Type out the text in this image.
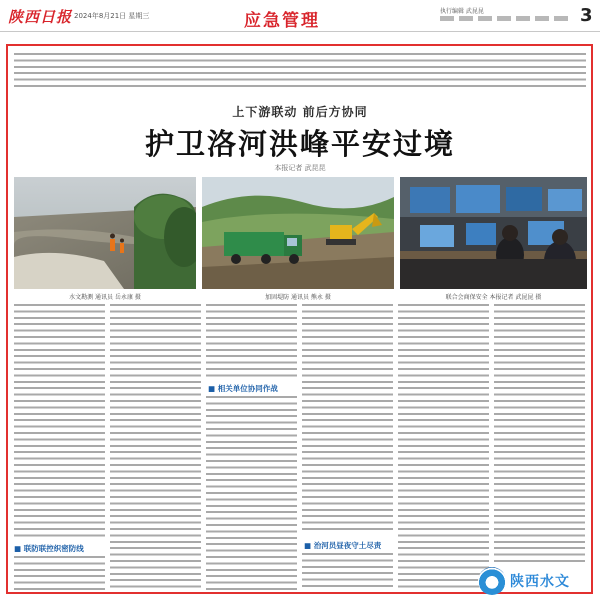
陕西日报 2024年8月21日 星期三	应急管理	执行编辑 武昆昆	3
上下游联动 前后方协同
护卫洛河洪峰平安过境
本报记者 武昆昆
水文勘测 通讯员 岳永康 摄	加固堤防 通讯员 熊永 摄	联合会商保安全 本报记者 武昆昆 摄
■ 联防联控织密防线
■ 相关单位协同作战
■ 治河员昼夜守土尽责
陕西水文
